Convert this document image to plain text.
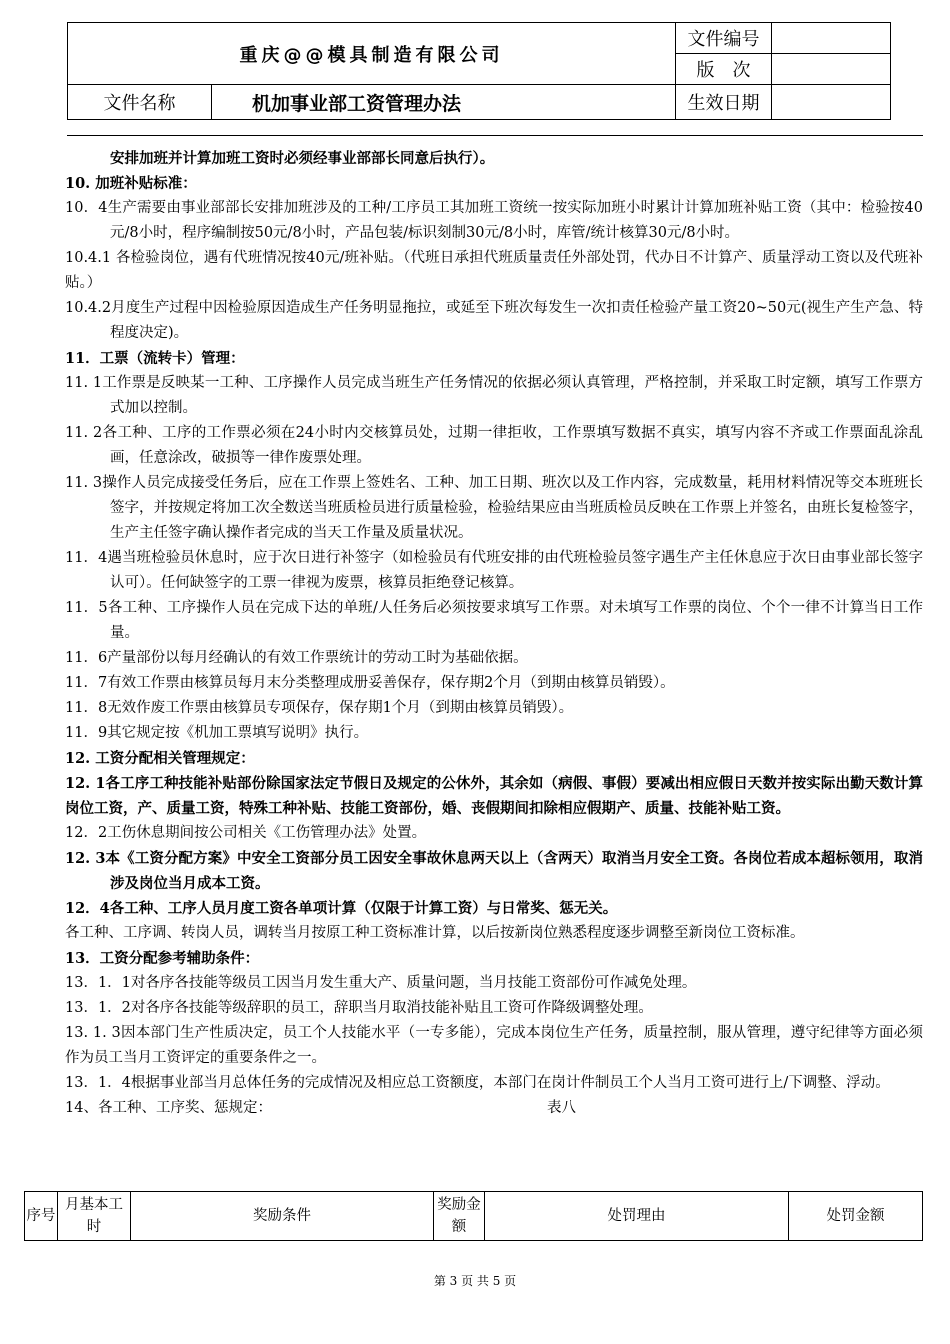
重庆@@模具制造有限公司		文件编号	
		版　次	
文件名称	机加事业部工资管理办法	生效日期	

安排加班并计算加班工资时必须经事业部部长同意后执行）。

10. 加班补贴标准：

10．4生产需要由事业部部长安排加班涉及的工种/工序员工其加班工资统一按实际加班小时累计计算加班补贴工资（其中：检验按40元/8小时，程序编制按50元/8小时，产品包装/标识刻制30元/8小时，库管/统计核算30元/8小时。

10.4.1 各检验岗位，遇有代班情况按40元/班补贴。（代班日承担代班质量责任外部处罚，代办日不计算产、质量浮动工资以及代班补贴。）

10.4.2月度生产过程中因检验原因造成生产任务明显拖拉，或延至下班次每发生一次扣责任检验产量工资20~50元(视生产生产急、特程度决定)。

11．工票（流转卡）管理：

11. 1工作票是反映某一工种、工序操作人员完成当班生产任务情况的依据必须认真管理，严格控制，并采取工时定额，填写工作票方式加以控制。

11. 2各工种、工序的工作票必须在24小时内交核算员处，过期一律拒收，工作票填写数据不真实，填写内容不齐或工作票面乱涂乱画，任意涂改，破损等一律作废票处理。

11. 3操作人员完成接受任务后，应在工作票上签姓名、工种、加工日期、班次以及工作内容，完成数量，耗用材料情况等交本班班长签字，并按规定将加工次全数送当班质检员进行质量检验，检验结果应由当班质检员反映在工作票上并签名，由班长复检签字，生产主任签字确认操作者完成的当天工作量及质量状况。

11．4遇当班检验员休息时，应于次日进行补签字（如检验员有代班安排的由代班检验员签字遇生产主任休息应于次日由事业部长签字认可）。任何缺签字的工票一律视为废票，核算员拒绝登记核算。

11．5各工种、工序操作人员在完成下达的单班/人任务后必须按要求填写工作票。对未填写工作票的岗位、个个一律不计算当日工作量。

11．6产量部份以每月经确认的有效工作票统计的劳动工时为基础依据。

11．7有效工作票由核算员每月末分类整理成册妥善保存，保存期2个月（到期由核算员销毁）。

11．8无效作废工作票由核算员专项保存，保存期1个月（到期由核算员销毁）。

11．9其它规定按《机加工票填写说明》执行。

12. 工资分配相关管理规定：

12. 1各工序工种技能补贴部份除国家法定节假日及规定的公休外，其余如（病假、事假）要减出相应假日天数并按实际出勤天数计算岗位工资，产、质量工资，特殊工种补贴、技能工资部份，婚、丧假期间扣除相应假期产、质量、技能补贴工资。

12．2工伤休息期间按公司相关《工伤管理办法》处置。

12. 3本《工资分配方案》中安全工资部分员工因安全事故休息两天以上（含两天）取消当月安全工资。各岗位若成本超标领用，取消涉及岗位当月成本工资。

12．4各工种、工序人员月度工资各单项计算（仅限于计算工资）与日常奖、惩无关。

各工种、工序调、转岗人员，调转当月按原工种工资标准计算，以后按新岗位熟悉程度逐步调整至新岗位工资标准。

13．工资分配参考辅助条件：

13．1．1对各序各技能等级员工因当月发生重大产、质量问题，当月技能工资部份可作减免处理。

13．1．2对各序各技能等级辞职的员工，辞职当月取消技能补贴且工资可作降级调整处理。

13. 1. 3因本部门生产性质决定，员工个人技能水平（一专多能），完成本岗位生产任务，质量控制，服从管理，遵守纪律等方面必须作为员工当月工资评定的重要条件之一。

13．1．4根据事业部当月总体任务的完成情况及相应总工资额度，本部门在岗计件制员工个人当月工资可进行上/下调整、浮动。

14、各工种、工序奖、惩规定：	表八

序号	月基本工时	奖励条件	奖励金额	处罚理由	处罚金额
第 3 页 共 5 页
